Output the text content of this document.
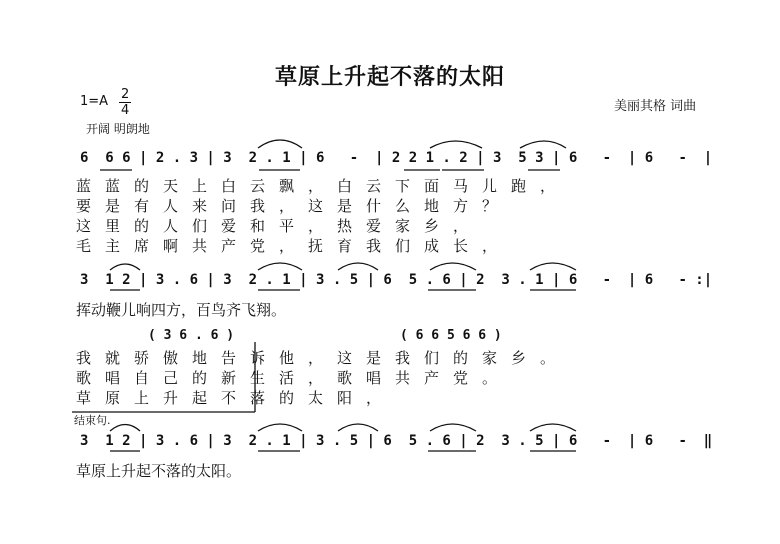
草原上升起不落的太阳
$1=A \frac{2}{4}$
开阔 明朗地
美丽其格 词曲
6  6 6 | 2 . 3 | 3  2 . 1 | 6   -  | 2 2 1 . 2 | 3  5 3 | 6   -  | 6   -  |
蓝蓝的天上白云飘，白云下面马儿跑，
要是有人来问我，这是什么地方？
这里的人们爱和平，热爱家乡，
毛主席啊共产党，抚育我们成长，
3  1 2 | 3 . 6 | 3  2 . 1 | 3 . 5 | 6  5 . 6 | 2  3 . 1 | 6   -  | 6   - :|
挥动鞭儿响四方，百鸟齐飞翔。
( 3 6 . 6 )	( 6 6 5 6 6 )
我就骄傲地告诉他，这是我们的家乡。
歌唱自己的新生活，歌唱共产党。
草原上升起不落的太阳，
结束句.
3  1 2 | 3 . 6 | 3  2 . 1 | 3 . 5 | 6  5 . 6 | 2  3 . 5 | 6   -  | 6   -  ‖
草原上升起不落的太阳。
